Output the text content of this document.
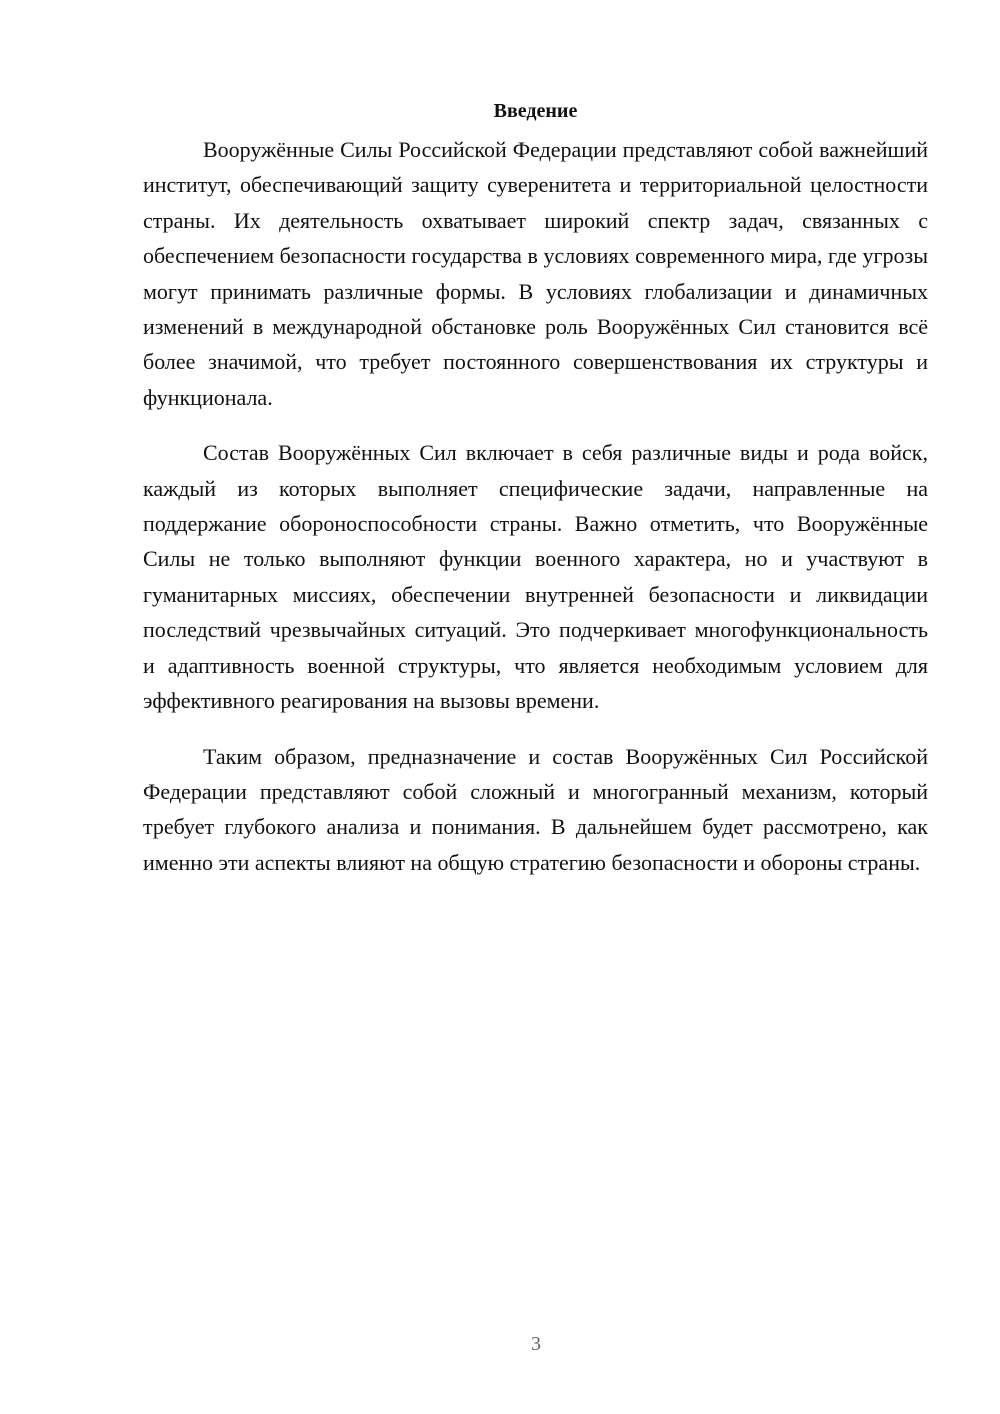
Введение

Вооружённые Силы Российской Федерации представляют собой важнейший институт, обеспечивающий защиту суверенитета и территориальной целостности страны. Их деятельность охватывает широкий спектр задач, связанных с обеспечением безопасности государства в условиях современного мира, где угрозы могут принимать различные формы. В условиях глобализации и динамичных изменений в международной обстановке роль Вооружённых Сил становится всё более значимой, что требует постоянного совершенствования их структуры и функционала.

Состав Вооружённых Сил включает в себя различные виды и рода войск, каждый из которых выполняет специфические задачи, направленные на поддержание обороноспособности страны. Важно отметить, что Вооружённые Силы не только выполняют функции военного характера, но и участвуют в гуманитарных миссиях, обеспечении внутренней безопасности и ликвидации последствий чрезвычайных ситуаций. Это подчеркивает многофункциональность и адаптивность военной структуры, что является необходимым условием для эффективного реагирования на вызовы времени.

Таким образом, предназначение и состав Вооружённых Сил Российской Федерации представляют собой сложный и многогранный механизм, который требует глубокого анализа и понимания. В дальнейшем будет рассмотрено, как именно эти аспекты влияют на общую стратегию безопасности и обороны страны.

3
